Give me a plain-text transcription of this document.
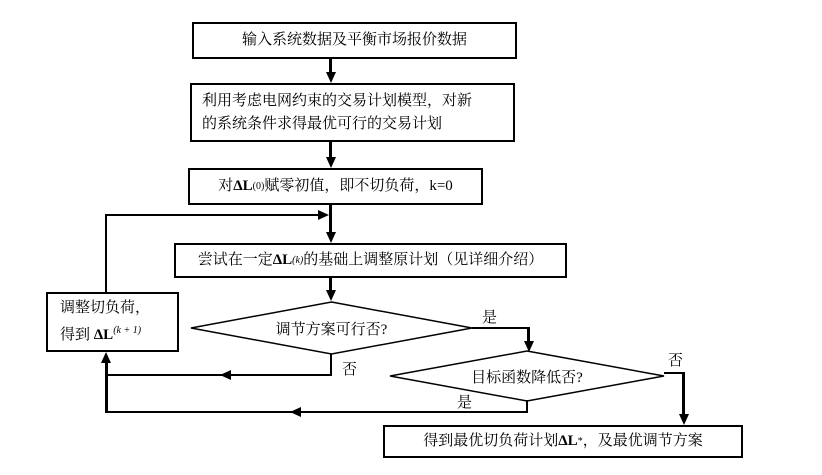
输入系统数据及平衡市场报价数据
利用考虑电网约束的交易计划模型，对新
的系统条件求得最优可行的交易计划
对 ΔL (0) 赋零初值，即不切负荷，k=0
尝试在一定 ΔL (k) 的基础上调整原计划（见详细介绍）
调整切负荷，
得到 $\Delta L^{(k + 1)}$
得到最优切负荷计划 ΔL * ，及最优调节方案
调节方案可行否?
目标函数降低否?
是
否
是
否
